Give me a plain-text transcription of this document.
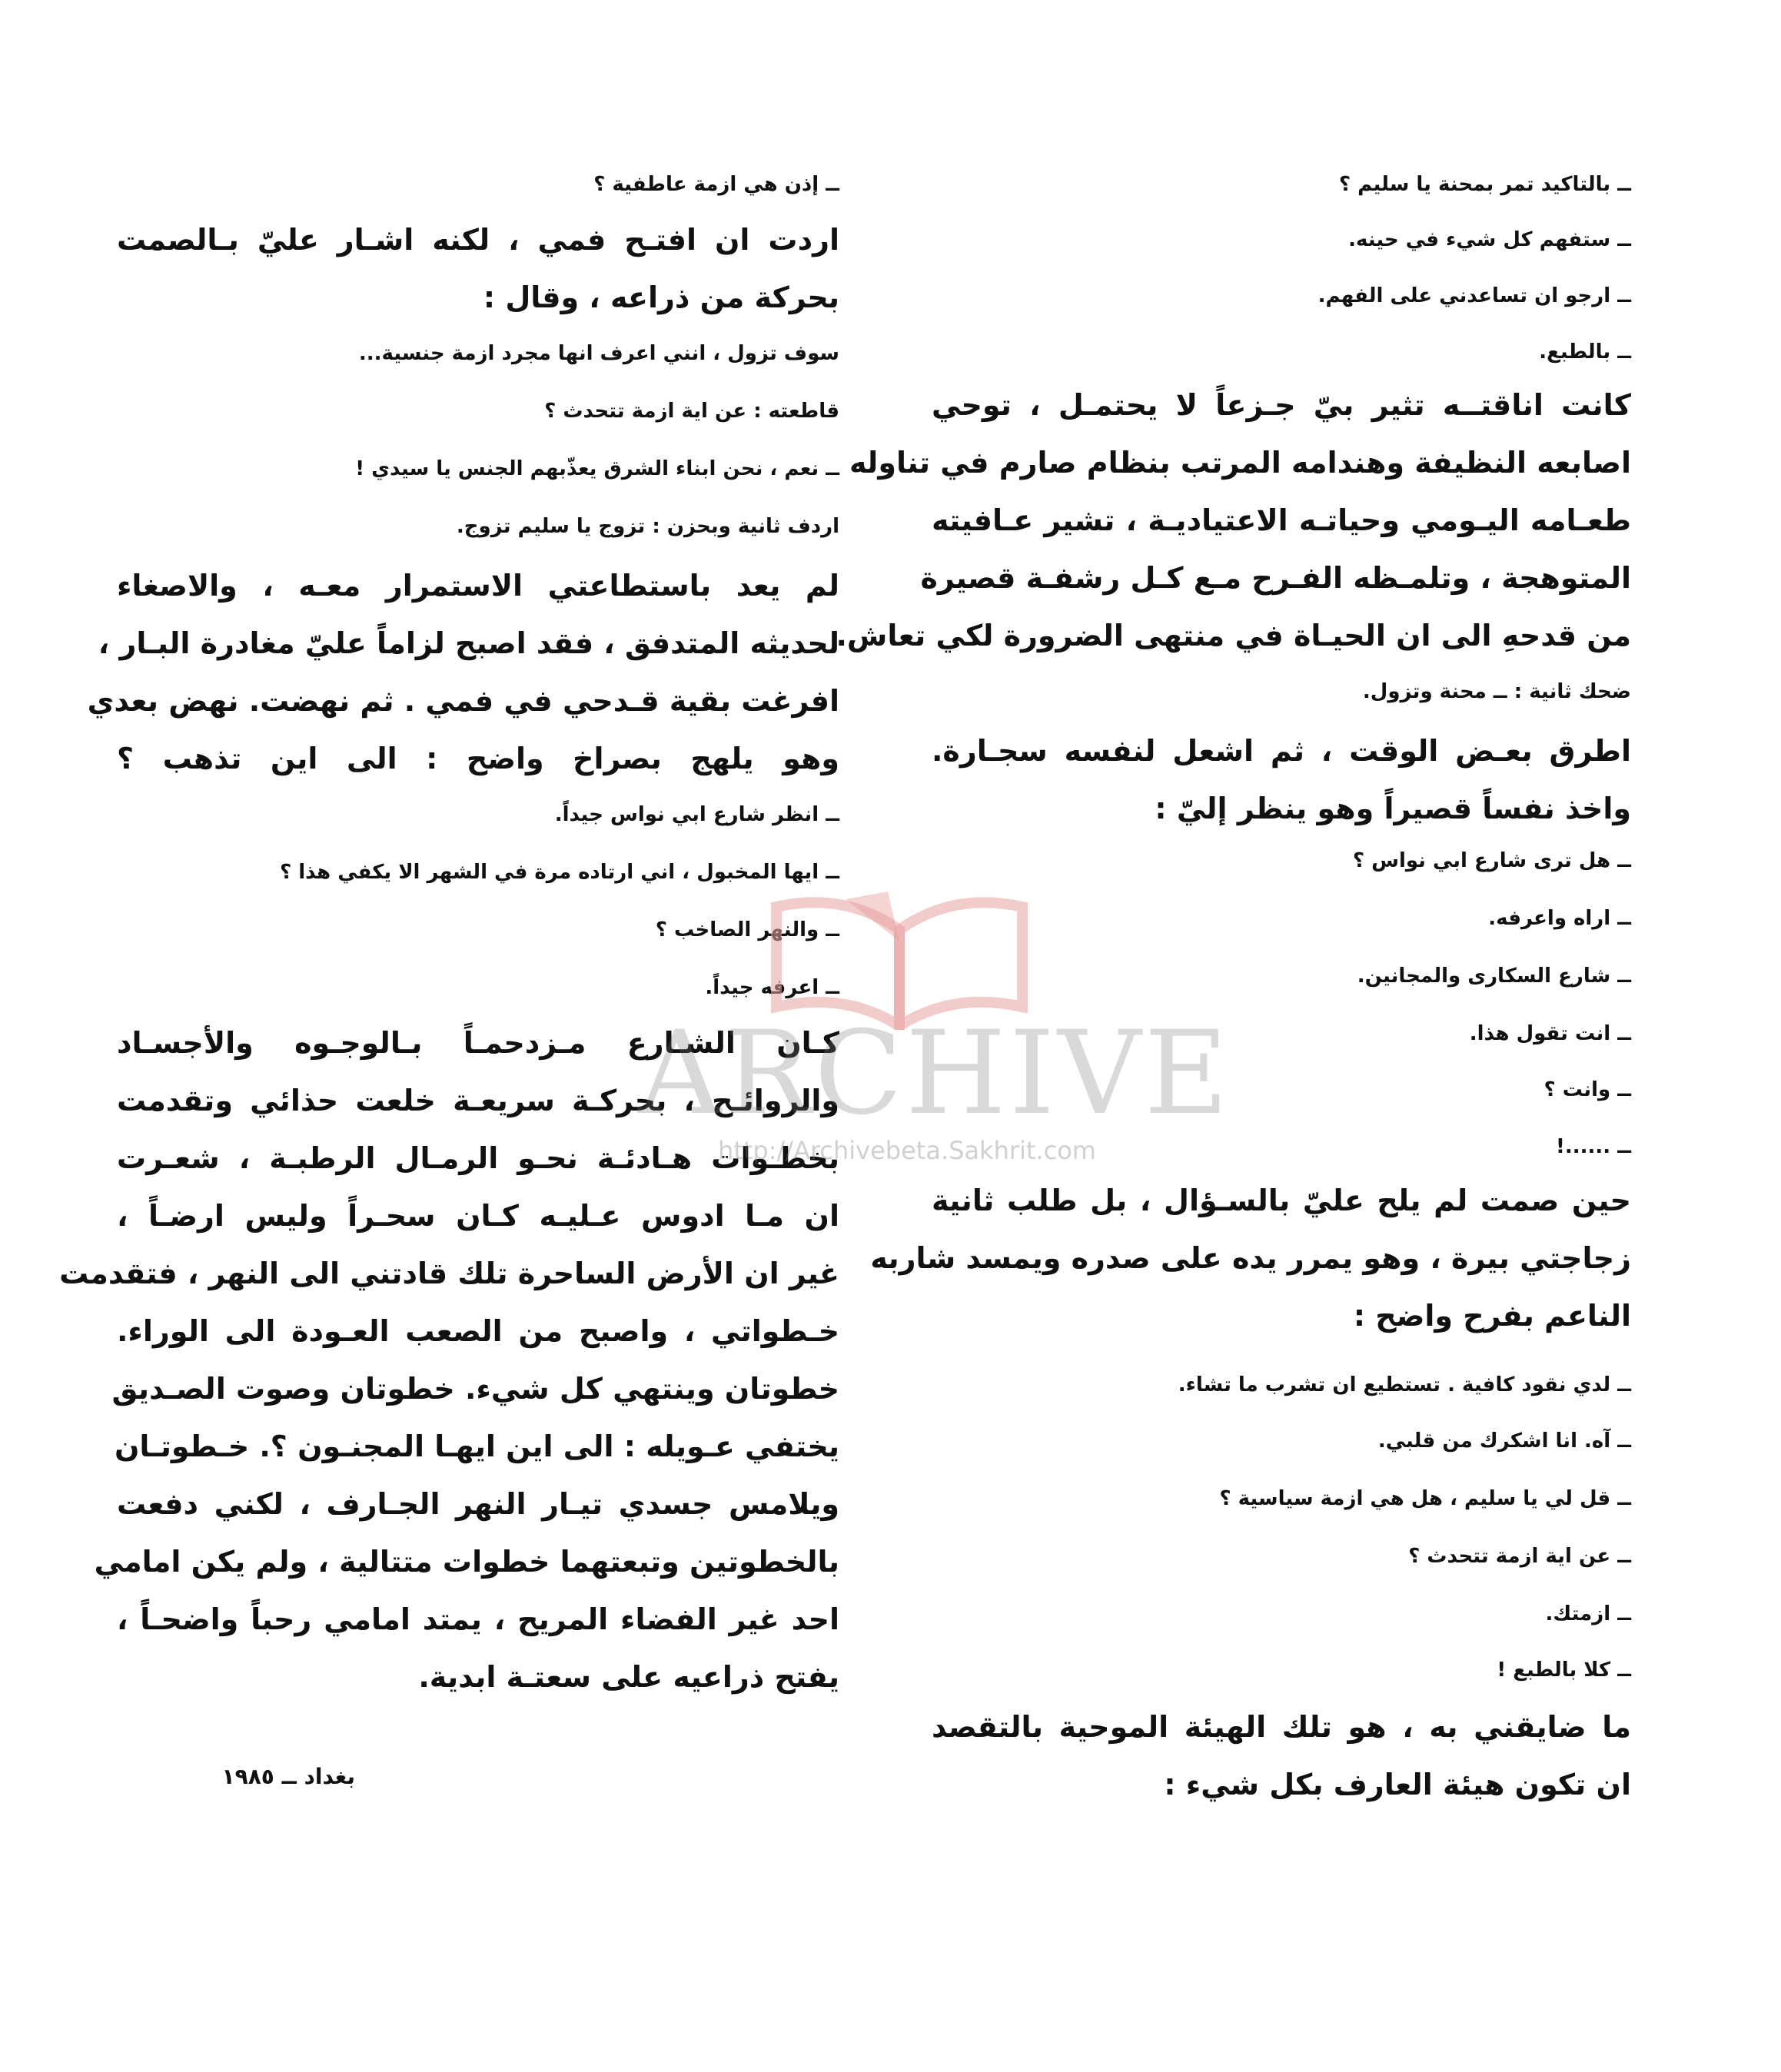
ــ بالتاكيد تمر بمحنة يا سليم ؟
ــ ستفهم كل شيء في حينه.
ــ ارجو ان تساعدني على الفهم.
ــ بالطبع.
كانت اناقتــه تثير بيّ جـزعاً لا يحتمـل ، توحي
اصابعه النظيفة وهندامه المرتب بنظام صارم في تناوله
طعـامه اليـومي وحياتـه الاعتياديـة ، تشير عـافيته
المتوهجة ، وتلمـظه الفـرح مـع كـل رشفـة قصيرة
من قدحهِ الى ان الحيـاة في منتهى الضرورة لكي تعاش.
ضحك ثانية : ــ محنة وتزول.
اطرق بعـض الوقت ، ثم اشعل لنفسه سجـارة.
واخذ نفساً قصيراً وهو ينظر إليّ :
ــ هل ترى شارع ابي نواس ؟
ــ اراه واعرفه.
ــ شارع السكارى والمجانين.
ــ انت تقول هذا.
ــ وانت ؟
ــ ......!
حين صمت لم يلح عليّ بالسـؤال ، بل طلب ثانية
زجاجتي بيرة ، وهو يمرر يده على صدره ويمسد شاربه
الناعم بفرح واضح :
ــ لدي نقود كافية . تستطيع ان تشرب ما تشاء.
ــ آه. انا اشكرك من قلبي.
ــ قل لي يا سليم ، هل هي ازمة سياسية ؟
ــ عن اية ازمة تتحدث ؟
ــ ازمتك.
ــ كلا بالطبع !
ما ضايقني به ، هو تلك الهيئة الموحية بالتقصد
ان تكون هيئة العارف بكل شيء :
ــ إذن هي ازمة عاطفية ؟
اردت ان افتـح فمي ، لكنه اشـار عليّ بـالصمت
بحركة من ذراعه ، وقال :
سوف تزول ، انني اعرف انها مجرد ازمة جنسية...
قاطعته : عن اية ازمة تتحدث ؟
ــ نعم ، نحن ابناء الشرق يعذّبهم الجنس يا سيدي !
اردف ثانية وبحزن : تزوج يا سليم تزوج.
لم يعد باستطاعتي الاستمرار معـه ، والاصغاء
لحديثه المتدفق ، فقد اصبح لزاماً عليّ مغادرة البـار ،
افرغت بقية قـدحي في فمي . ثم نهضت. نهض بعدي
وهو يلهج بصراخ واضح : الى اين تذهب ؟
ــ انظر شارع ابي نواس جيداً.
ــ ايها المخبول ، اني ارتاده مرة في الشهر الا يكفي هذا ؟
ــ والنهر الصاخب ؟
ــ اعرفه جيداً.
كـان الشـارع مـزدحمـاً بـالوجـوه والأجسـاد
والروائـح ، بحركـة سريعـة خلعت حذائي وتقدمت
بخطـوات هـادئـة نحـو الرمـال الرطبـة ، شعـرت
ان مـا ادوس عـليـه كـان سحـراً وليس ارضـاً ،
غير ان الأرض الساحرة تلك قادتني الى النهر ، فتقدمت
خـطواتي ، واصبح من الصعب العـودة الى الوراء.
خطوتان وينتهي كل شيء. خطوتان وصوت الصـديق
يختفي عـويله : الى اين ايهـا المجنـون ؟. خـطوتـان
ويلامس جسدي تيـار النهر الجـارف ، لكني دفعت
بالخطوتين وتبعتهما خطوات متتالية ، ولم يكن امامي
احد غير الفضاء المريح ، يمتد امامي رحباً واضحـاً ،
يفتح ذراعيه على سعتـة ابدية.
بغداد ــ ١٩٨٥
ARCHIVE
http://Archivebeta.Sakhrit.com
